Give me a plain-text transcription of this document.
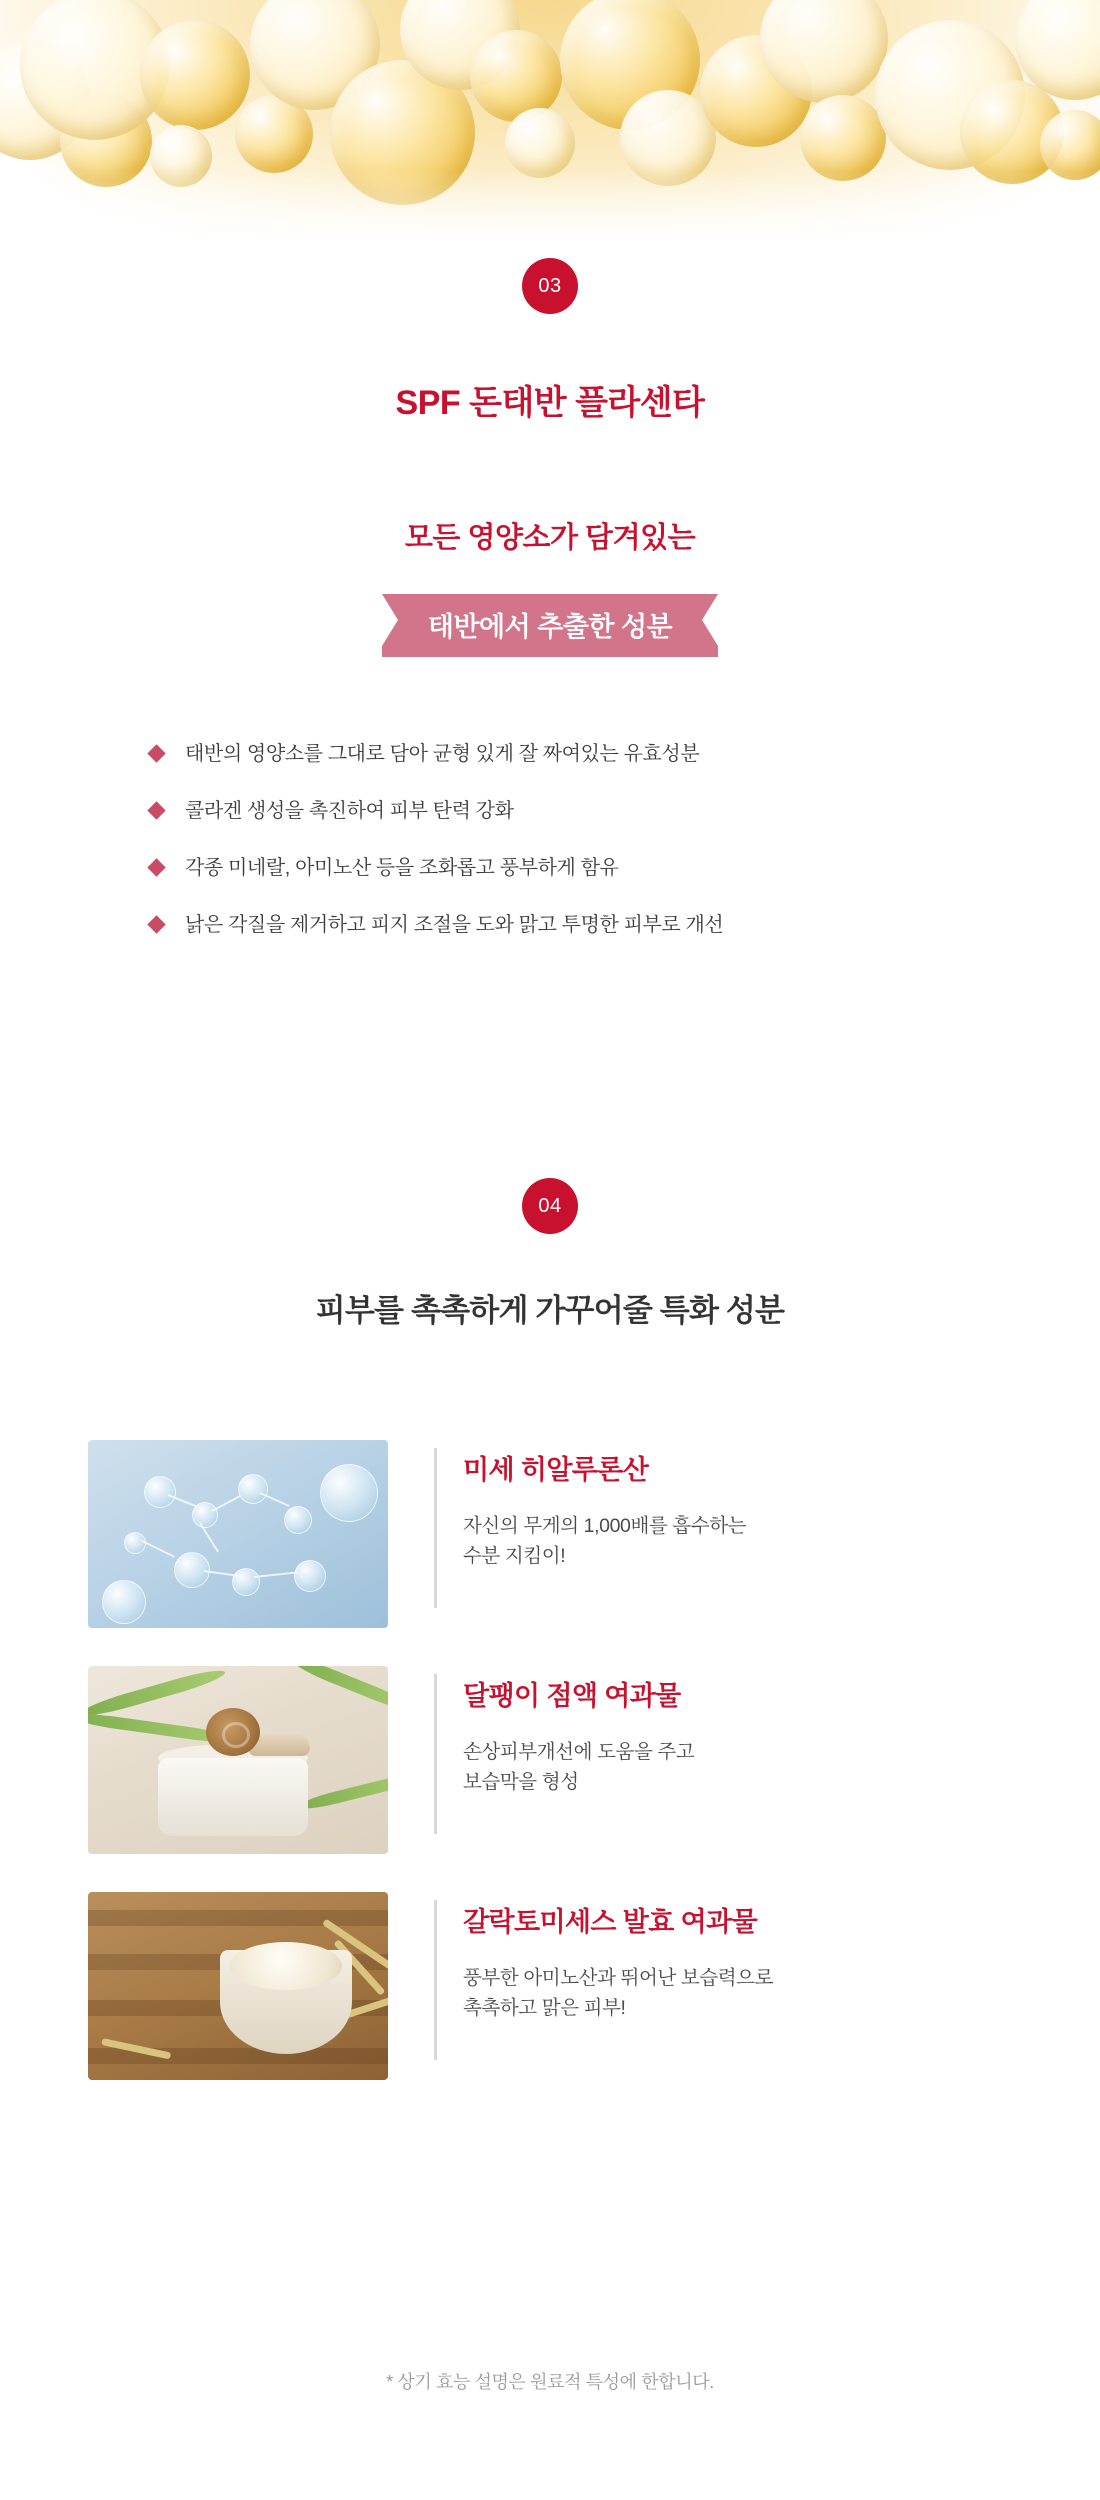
03
SPF 돈태반 플라센타
모든 영양소가 담겨있는
태반에서 추출한 성분
태반의 영양소를 그대로 담아 균형 있게 잘 짜여있는 유효성분
콜라겐 생성을 촉진하여 피부 탄력 강화
각종 미네랄, 아미노산 등을 조화롭고 풍부하게 함유
낡은 각질을 제거하고 피지 조절을 도와 맑고 투명한 피부로 개선
04
피부를 촉촉하게 가꾸어줄 특화 성분
미세 히알루론산
자신의 무게의 1,000배를 흡수하는
수분 지킴이!
달팽이 점액 여과물
손상피부개선에 도움을 주고
보습막을 형성
갈락토미세스 발효 여과물
풍부한 아미노산과 뛰어난 보습력으로
촉촉하고 맑은 피부!
* 상기 효능 설명은 원료적 특성에 한합니다.
